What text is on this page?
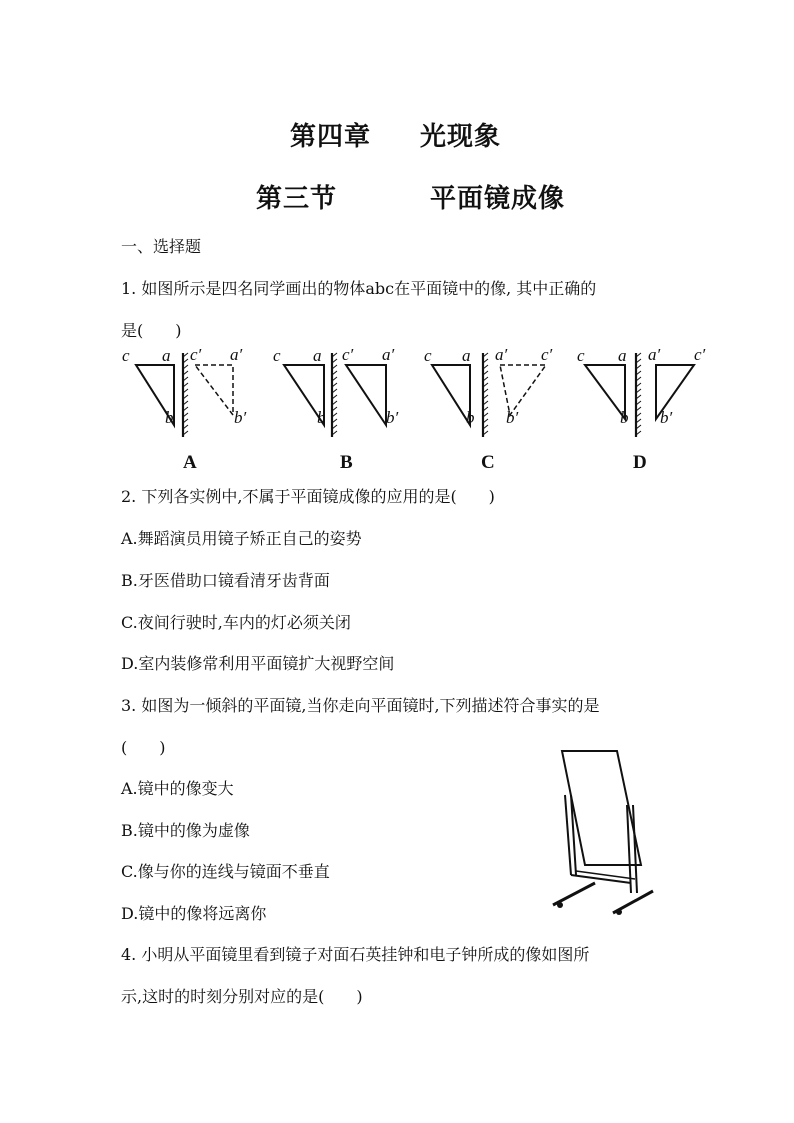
第四章 光现象
第三节	平面镜成像
一、选择题
1. 如图所示是四名同学画出的物体abc在平面镜中的像, 其中正确的
是(　　)
c a
b
c′ a′
b′
c a
b
c′ a′
b′
c a
b
a′ c′
b′
c a
b
a′ c′
b′
A	B	C	D
2. 下列各实例中,不属于平面镜成像的应用的是(　　)
A.舞蹈演员用镜子矫正自己的姿势
B.牙医借助口镜看清牙齿背面
C.夜间行驶时,车内的灯必须关闭
D.室内装修常利用平面镜扩大视野空间
3. 如图为一倾斜的平面镜,当你走向平面镜时,下列描述符合事实的是
(　　)
A.镜中的像变大
B.镜中的像为虚像
C.像与你的连线与镜面不垂直
D.镜中的像将远离你
4. 小明从平面镜里看到镜子对面石英挂钟和电子钟所成的像如图所
示,这时的时刻分别对应的是(　　)
